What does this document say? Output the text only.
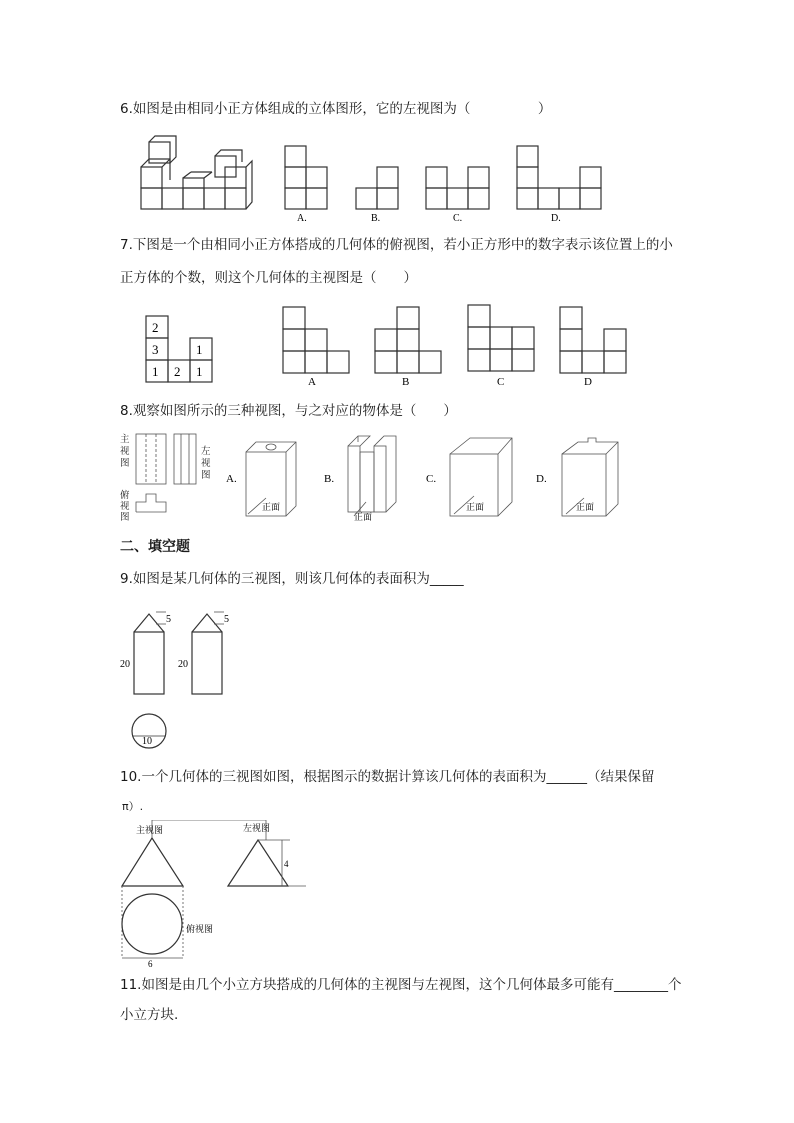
6.如图是由相同小正方体组成的立体图形，它的左视图为（　　　　　）
A.	B.	C.	D.
7.下图是一个由相同小正方体搭成的几何体的俯视图，若小正方形中的数字表示该位置上的小
正方体的个数，则这个几何体的主视图是（　　）
2
3	1
1 2 1
A	B	C	D
8.观察如图所示的三种视图，与之对应的物体是（　　）
主
视
图
左
视
图
俯
视
图
A.
正面
B.
正面
C.
正面
D.
正面
二、填空题
9.如图是某几何体的三视图，则该几何体的表面积为_____
20	20
5	5
10
10.一个几何体的三视图如图，根据图示的数据计算该几何体的表面积为______（结果保留
π）.
主视图	左视图
4
俯视图
6
11.如图是由几个小立方块搭成的几何体的主视图与左视图，这个几何体最多可能有________个
小立方块.
